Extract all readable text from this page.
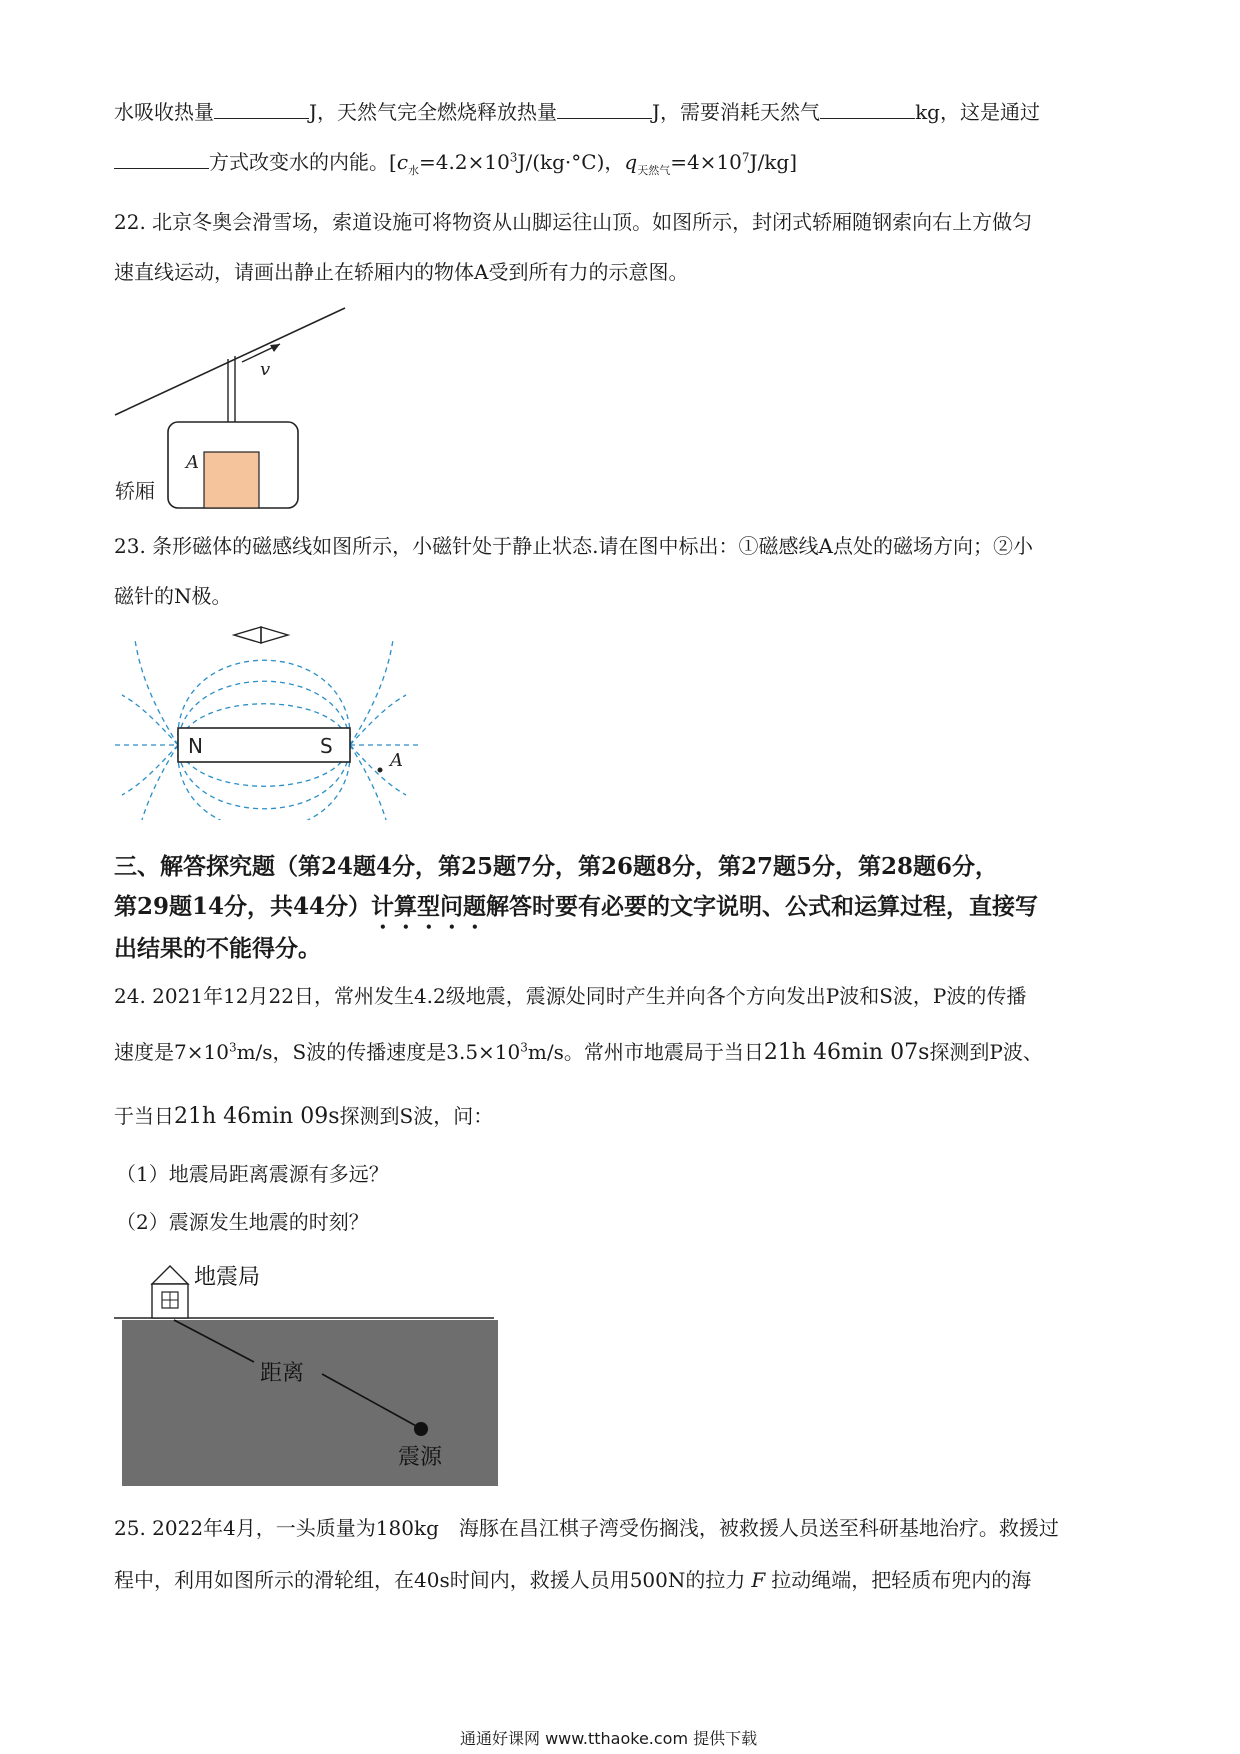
水吸收热量	J，天然气完全燃烧释放热量	J，需要消耗天然气	kg，这是通过
方式改变水的内能。[$c_水=4.2\times 10^3J/(kg\cdot^\circ C)$，$q_{天然气}=4\times 10^7J/kg$]
22. 北京冬奥会滑雪场，索道设施可将物资从山脚运往山顶。如图所示，封闭式轿厢随钢索向右上方做匀
速直线运动，请画出静止在轿厢内的物体A受到所有力的示意图。
v
A
轿厢
23. 条形磁体的磁感线如图所示，小磁针处于静止状态.请在图中标出：①磁感线A点处的磁场方向；②小
磁针的N极。
N	S
A
三、解答探究题（第24题4分，第25题7分，第26题8分，第27题5分，第28题6分，
第29题14分，共44分）计算型问题解答时要有必要的文字说明、公式和运算过程，直接写
出结果的不能得分。
24. 2021年12月22日，常州发生4.2级地震，震源处同时产生并向各个方向发出P波和S波，P波的传播
速度是$7\times 10^3m/s$，S波的传播速度是$3.5\times 10^3m/s$。常州市地震局于当日21h 46min 07s探测到P波、
于当日21h 46min 09s探测到S波，问：
（1）地震局距离震源有多远？
（2）震源发生地震的时刻？
地震局
距离
震源
25. 2022年4月，一头质量为180kg 海豚在昌江棋子湾受伤搁浅，被救援人员送至科研基地治疗。救援过
程中，利用如图所示的滑轮组，在40s时间内，救援人员用500N的拉力 F 拉动绳端，把轻质布兜内的海
通通好课网 www.tthaoke.com 提供下载
